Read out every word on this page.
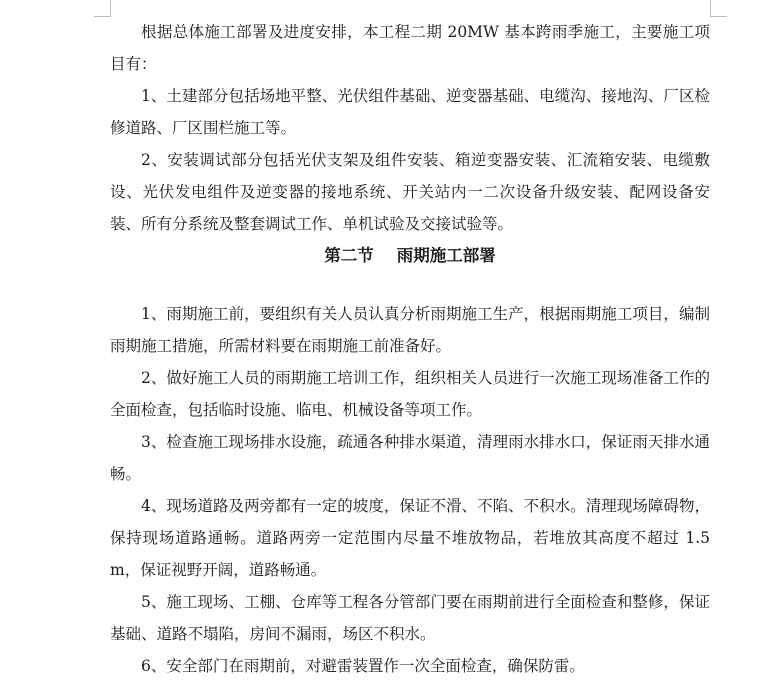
根据总体施工部署及进度安排，本工程二期 20MW 基本跨雨季施工，主要施工项目有：

1、土建部分包括场地平整、光伏组件基础、逆变器基础、电缆沟、接地沟、厂区检修道路、厂区围栏施工等。

2、安装调试部分包括光伏支架及组件安装、箱逆变器安装、汇流箱安装、电缆敷设、光伏发电组件及逆变器的接地系统、开关站内一二次设备升级安装、配网设备安装、所有分系统及整套调试工作、单机试验及交接试验等。

第二节    雨期施工部署

1、雨期施工前，要组织有关人员认真分析雨期施工生产，根据雨期施工项目，编制雨期施工措施，所需材料要在雨期施工前准备好。

2、做好施工人员的雨期施工培训工作，组织相关人员进行一次施工现场准备工作的全面检查，包括临时设施、临电、机械设备等项工作。

3、检查施工现场排水设施，疏通各种排水渠道，清理雨水排水口，保证雨天排水通畅。

4、现场道路及两旁都有一定的坡度，保证不滑、不陷、不积水。清理现场障碍物，保持现场道路通畅。道路两旁一定范围内尽量不堆放物品，若堆放其高度不超过 1.5m，保证视野开阔，道路畅通。

5、施工现场、工棚、仓库等工程各分管部门要在雨期前进行全面检查和整修，保证基础、道路不塌陷，房间不漏雨，场区不积水。

6、安全部门在雨期前，对避雷装置作一次全面检查，确保防雷。
